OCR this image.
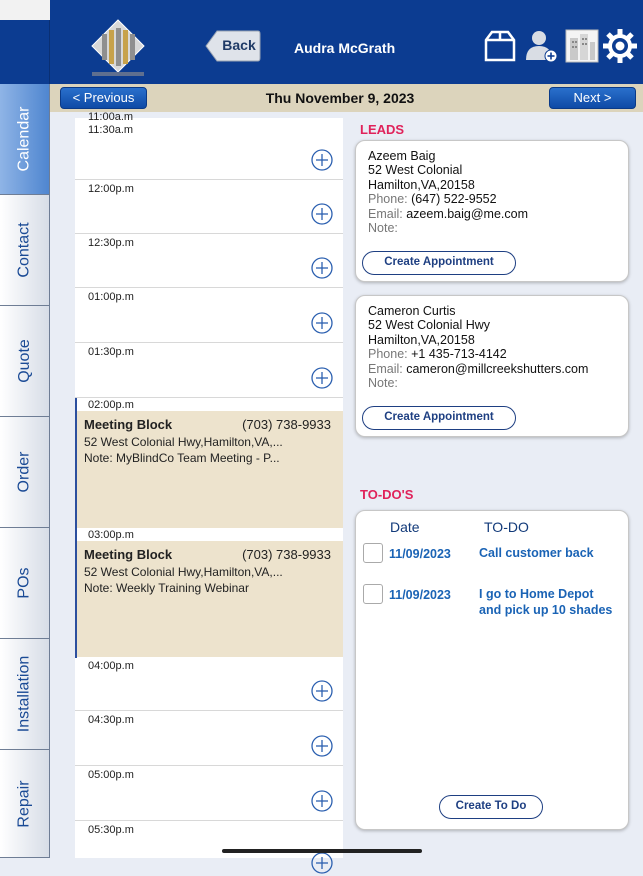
Back	Audra McGrath
< Previous	Thu November 9, 2023	Next >
Calendar
Contact
Quote
Order
POs
Installation
Repair
11:00a.m
11:30a.m
12:00p.m
12:30p.m
01:00p.m
01:30p.m
02:00p.m
Meeting Block	(703) 738-9933
52 West Colonial Hwy,Hamilton,VA,...
Note: MyBlindCo Team Meeting - P...
03:00p.m
Meeting Block	(703) 738-9933
52 West Colonial Hwy,Hamilton,VA,...
Note: Weekly Training Webinar
04:00p.m
04:30p.m
05:00p.m
05:30p.m
LEADS
Azeem Baig
52 West Colonial
Hamilton,VA,20158
Phone: (647) 522-9552
Email: azeem.baig@me.com
Note:
Create Appointment
Cameron Curtis
52 West Colonial Hwy
Hamilton,VA,20158
Phone: +1 435-713-4142
Email: cameron@millcreekshutters.com
Note:
Create Appointment
TO-DO'S
Date	TO-DO
11/09/2023 Call customer back
11/09/2023 I go to Home Depot and pick up 10 shades
Create To Do
